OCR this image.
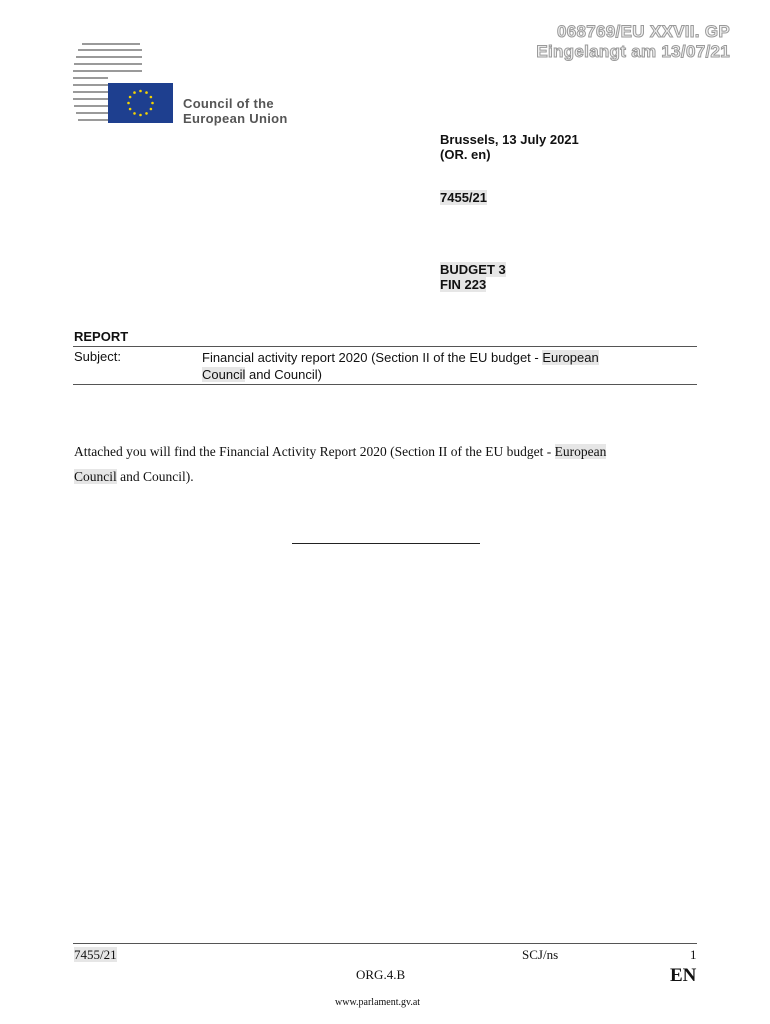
068769/EU XXVII. GP
Eingelangt am 13/07/21
Council of the
European Union
Brussels, 13 July 2021
(OR. en)
7455/21
BUDGET 3
FIN 223
REPORT
Subject:	Financial activity report 2020 (Section II of the EU budget - European
Council and Council)
Attached you will find the Financial Activity Report 2020 (Section II of the EU budget - European
Council and Council).
7455/21	SCJ/ns	1
ORG.4.B	EN
www.parlament.gv.at
